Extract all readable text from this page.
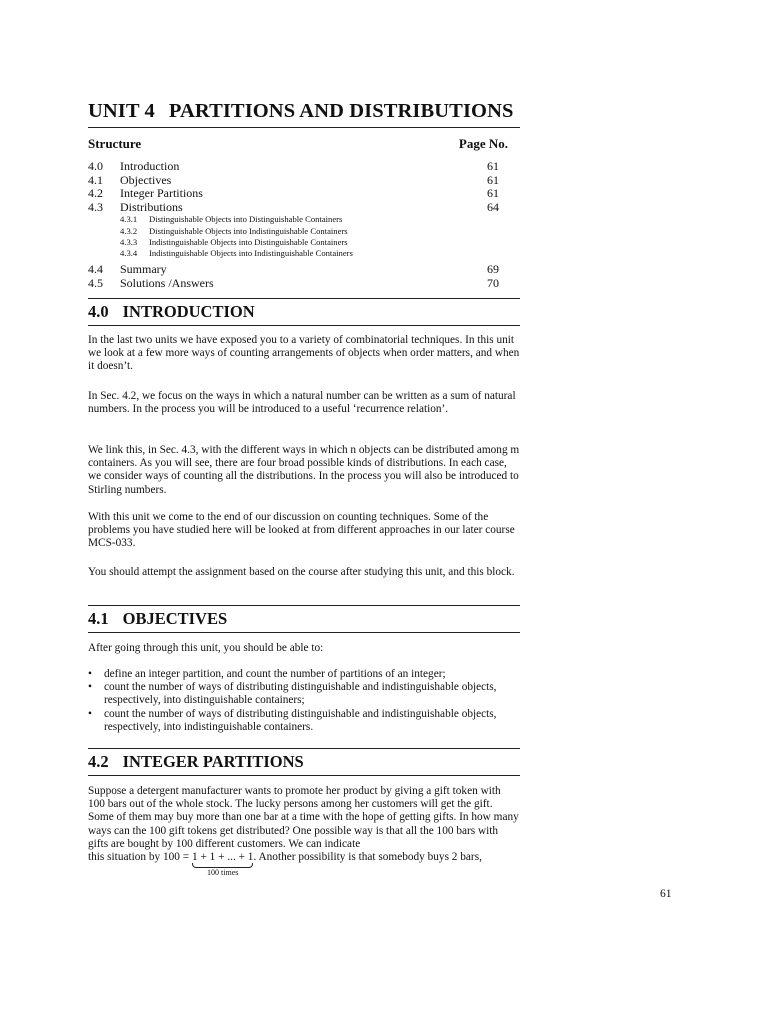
UNIT 4 PARTITIONS AND DISTRIBUTIONS
Structure	Page No.
4.0 Introduction	61
4.1 Objectives	61
4.2 Integer Partitions	61
4.3 Distributions	64
4.3.1 Distinguishable Objects into Distinguishable Containers
4.3.2 Distinguishable Objects into Indistinguishable Containers
4.3.3 Indistinguishable Objects into Distinguishable Containers
4.3.4 Indistinguishable Objects into Indistinguishable Containers
4.4 Summary	69
4.5 Solutions /Answers	70
4.0 INTRODUCTION

In the last two units we have exposed you to a variety of combinatorial techniques. In this unit we look at a few more ways of counting arrangements of objects when order matters, and when it doesn’t.

In Sec. 4.2, we focus on the ways in which a natural number can be written as a sum of natural numbers. In the process you will be introduced to a useful ‘recurrence relation’.

We link this, in Sec. 4.3, with the different ways in which n objects can be distributed among m containers. As you will see, there are four broad possible kinds of distributions. In each case, we consider ways of counting all the distributions. In the process you will also be introduced to Stirling numbers.

With this unit we come to the end of our discussion on counting techniques. Some of the problems you have studied here will be looked at from different approaches in our later course MCS-033.

You should attempt the assignment based on the course after studying this unit, and this block.

4.1 OBJECTIVES

After going through this unit, you should be able to:

• define an integer partition, and count the number of partitions of an integer;
• count the number of ways of distributing distinguishable and indistinguishable objects, respectively, into distinguishable containers;
• count the number of ways of distributing distinguishable and indistinguishable objects, respectively, into indistinguishable containers.
4.2 INTEGER PARTITIONS

Suppose a detergent manufacturer wants to promote her product by giving a gift token with 100 bars out of the whole stock. The lucky persons among her customers will get the gift. Some of them may buy more than one bar at a time with the hope of getting gifts. In how many ways can the 100 gift tokens get distributed? One possible way is that all the 100 bars with gifts are bought by 100 different customers. We can indicate

this situation by 100 = 1 + 1 + ... + 1
100 times
. Another possibility is that somebody buys 2 bars,
61
